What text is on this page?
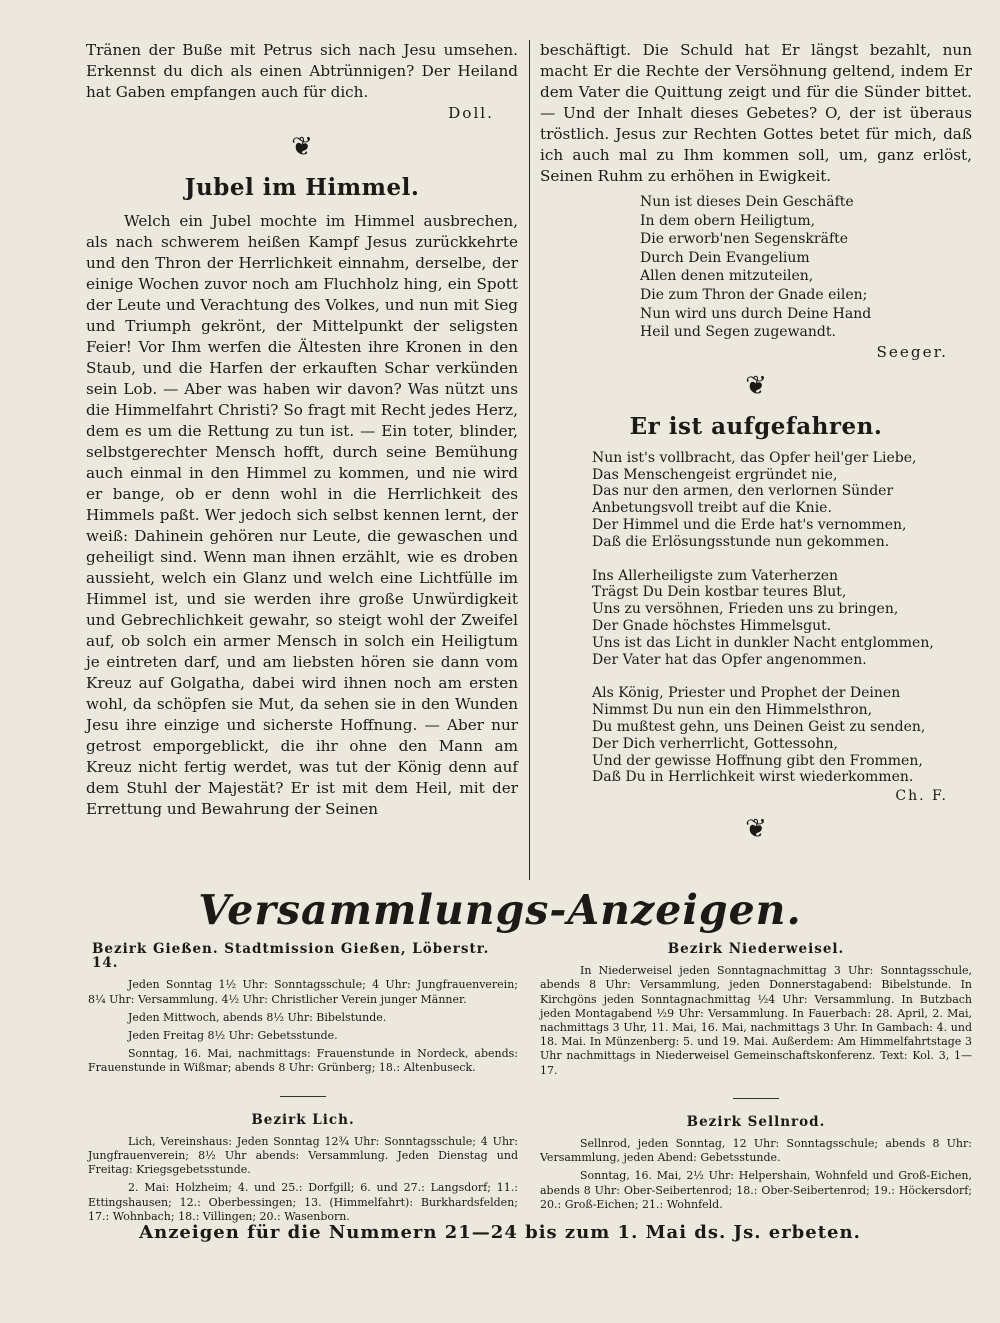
Tränen der Buße mit Petrus sich nach Jesu umsehen. Erkennst du dich als einen Abtrünnigen? Der Heiland hat Gaben empfangen auch für dich.

Doll.
❦
Jubel im Himmel.

Welch ein Jubel mochte im Himmel ausbrechen, als nach schwerem heißen Kampf Jesus zurückkehrte und den Thron der Herrlichkeit einnahm, derselbe, der einige Wochen zuvor noch am Fluchholz hing, ein Spott der Leute und Verachtung des Volkes, und nun mit Sieg und Triumph gekrönt, der Mittelpunkt der seligsten Feier! Vor Ihm werfen die Ältesten ihre Kronen in den Staub, und die Harfen der erkauften Schar verkünden sein Lob. — Aber was haben wir davon? Was nützt uns die Himmelfahrt Christi? So fragt mit Recht jedes Herz, dem es um die Rettung zu tun ist. — Ein toter, blinder, selbstgerechter Mensch hofft, durch seine Bemühung auch einmal in den Himmel zu kommen, und nie wird er bange, ob er denn wohl in die Herrlichkeit des Himmels paßt. Wer jedoch sich selbst kennen lernt, der weiß: Dahinein gehören nur Leute, die gewaschen und geheiligt sind. Wenn man ihnen erzählt, wie es droben aussieht, welch ein Glanz und welch eine Lichtfülle im Himmel ist, und sie werden ihre große Unwürdigkeit und Gebrechlichkeit gewahr, so steigt wohl der Zweifel auf, ob solch ein armer Mensch in solch ein Heiligtum je eintreten darf, und am liebsten hören sie dann vom Kreuz auf Golgatha, dabei wird ihnen noch am ersten wohl, da schöpfen sie Mut, da sehen sie in den Wunden Jesu ihre einzige und sicherste Hoffnung. — Aber nur getrost emporgeblickt, die ihr ohne den Mann am Kreuz nicht fertig werdet, was tut der König denn auf dem Stuhl der Majestät? Er ist mit dem Heil, mit der Errettung und Bewahrung der Seinen

beschäftigt. Die Schuld hat Er längst bezahlt, nun macht Er die Rechte der Versöhnung geltend, indem Er dem Vater die Quittung zeigt und für die Sünder bittet. — Und der Inhalt dieses Gebetes? O, der ist überaus tröstlich. Jesus zur Rechten Gottes betet für mich, daß ich auch mal zu Ihm kommen soll, um, ganz erlöst, Seinen Ruhm zu erhöhen in Ewigkeit.

Nun ist dieses Dein Geschäfte
In dem obern Heiligtum,
Die erworb'nen Segenskräfte
Durch Dein Evangelium
Allen denen mitzuteilen,
Die zum Thron der Gnade eilen;
Nun wird uns durch Deine Hand
Heil und Segen zugewandt.
Seeger.
❦
Er ist aufgefahren.
Nun ist's vollbracht, das Opfer heil'ger Liebe,
Das Menschengeist ergründet nie,
Das nur den armen, den verlornen Sünder
Anbetungsvoll treibt auf die Knie.
Der Himmel und die Erde hat's vernommen,
Daß die Erlösungsstunde nun gekommen.
Ins Allerheiligste zum Vaterherzen
Trägst Du Dein kostbar teures Blut,
Uns zu versöhnen, Frieden uns zu bringen,
Der Gnade höchstes Himmelsgut.
Uns ist das Licht in dunkler Nacht entglommen,
Der Vater hat das Opfer angenommen.
Als König, Priester und Prophet der Deinen
Nimmst Du nun ein den Himmelsthron,
Du mußtest gehn, uns Deinen Geist zu senden,
Der Dich verherrlicht, Gottessohn,
Und der gewisse Hoffnung gibt den Frommen,
Daß Du in Herrlichkeit wirst wiederkommen.
Ch. F.
❦
Versammlungs-Anzeigen.
Bezirk Gießen. Stadtmission Gießen, Löberstr. 14.

Jeden Sonntag 1½ Uhr: Sonntagsschule; 4 Uhr: Jungfrauenverein; 8¼ Uhr: Versammlung. 4½ Uhr: Christlicher Verein junger Männer.

Jeden Mittwoch, abends 8½ Uhr: Bibelstunde.

Jeden Freitag 8½ Uhr: Gebetsstunde.

Sonntag, 16. Mai, nachmittags: Frauenstunde in Nordeck, abends: Frauenstunde in Wißmar; abends 8 Uhr: Grünberg; 18.: Altenbuseck.

Bezirk Lich.

Lich, Vereinshaus: Jeden Sonntag 12¾ Uhr: Sonntagsschule; 4 Uhr: Jungfrauenverein; 8½ Uhr abends: Versammlung. Jeden Dienstag und Freitag: Kriegsgebetsstunde.

2. Mai: Holzheim; 4. und 25.: Dorfgill; 6. und 27.: Langsdorf; 11.: Ettingshausen; 12.: Oberbessingen; 13. (Himmelfahrt): Burkhardsfelden; 17.: Wohnbach; 18.: Villingen; 20.: Wasenborn.

Bezirk Niederweisel.

In Niederweisel jeden Sonntagnachmittag 3 Uhr: Sonntagsschule, abends 8 Uhr: Versammlung, jeden Donnerstagabend: Bibelstunde. In Kirchgöns jeden Sonntagnachmittag ½4 Uhr: Versammlung. In Butzbach jeden Montagabend ½9 Uhr: Versammlung. In Fauerbach: 28. April, 2. Mai, nachmittags 3 Uhr, 11. Mai, 16. Mai, nachmittags 3 Uhr. In Gambach: 4. und 18. Mai. In Münzenberg: 5. und 19. Mai. Außerdem: Am Himmelfahrtstage 3 Uhr nachmittags in Niederweisel Gemeinschaftskonferenz. Text: Kol. 3, 1—17.

Bezirk Sellnrod.

Sellnrod, jeden Sonntag, 12 Uhr: Sonntagsschule; abends 8 Uhr: Versammlung, jeden Abend: Gebetsstunde.

Sonntag, 16. Mai, 2½ Uhr: Helpershain, Wohnfeld und Groß-Eichen, abends 8 Uhr: Ober-Seibertenrod; 18.: Ober-Seibertenrod; 19.: Höckersdorf; 20.: Groß-Eichen; 21.: Wohnfeld.

Anzeigen für die Nummern 21—24 bis zum 1. Mai ds. Js. erbeten.
